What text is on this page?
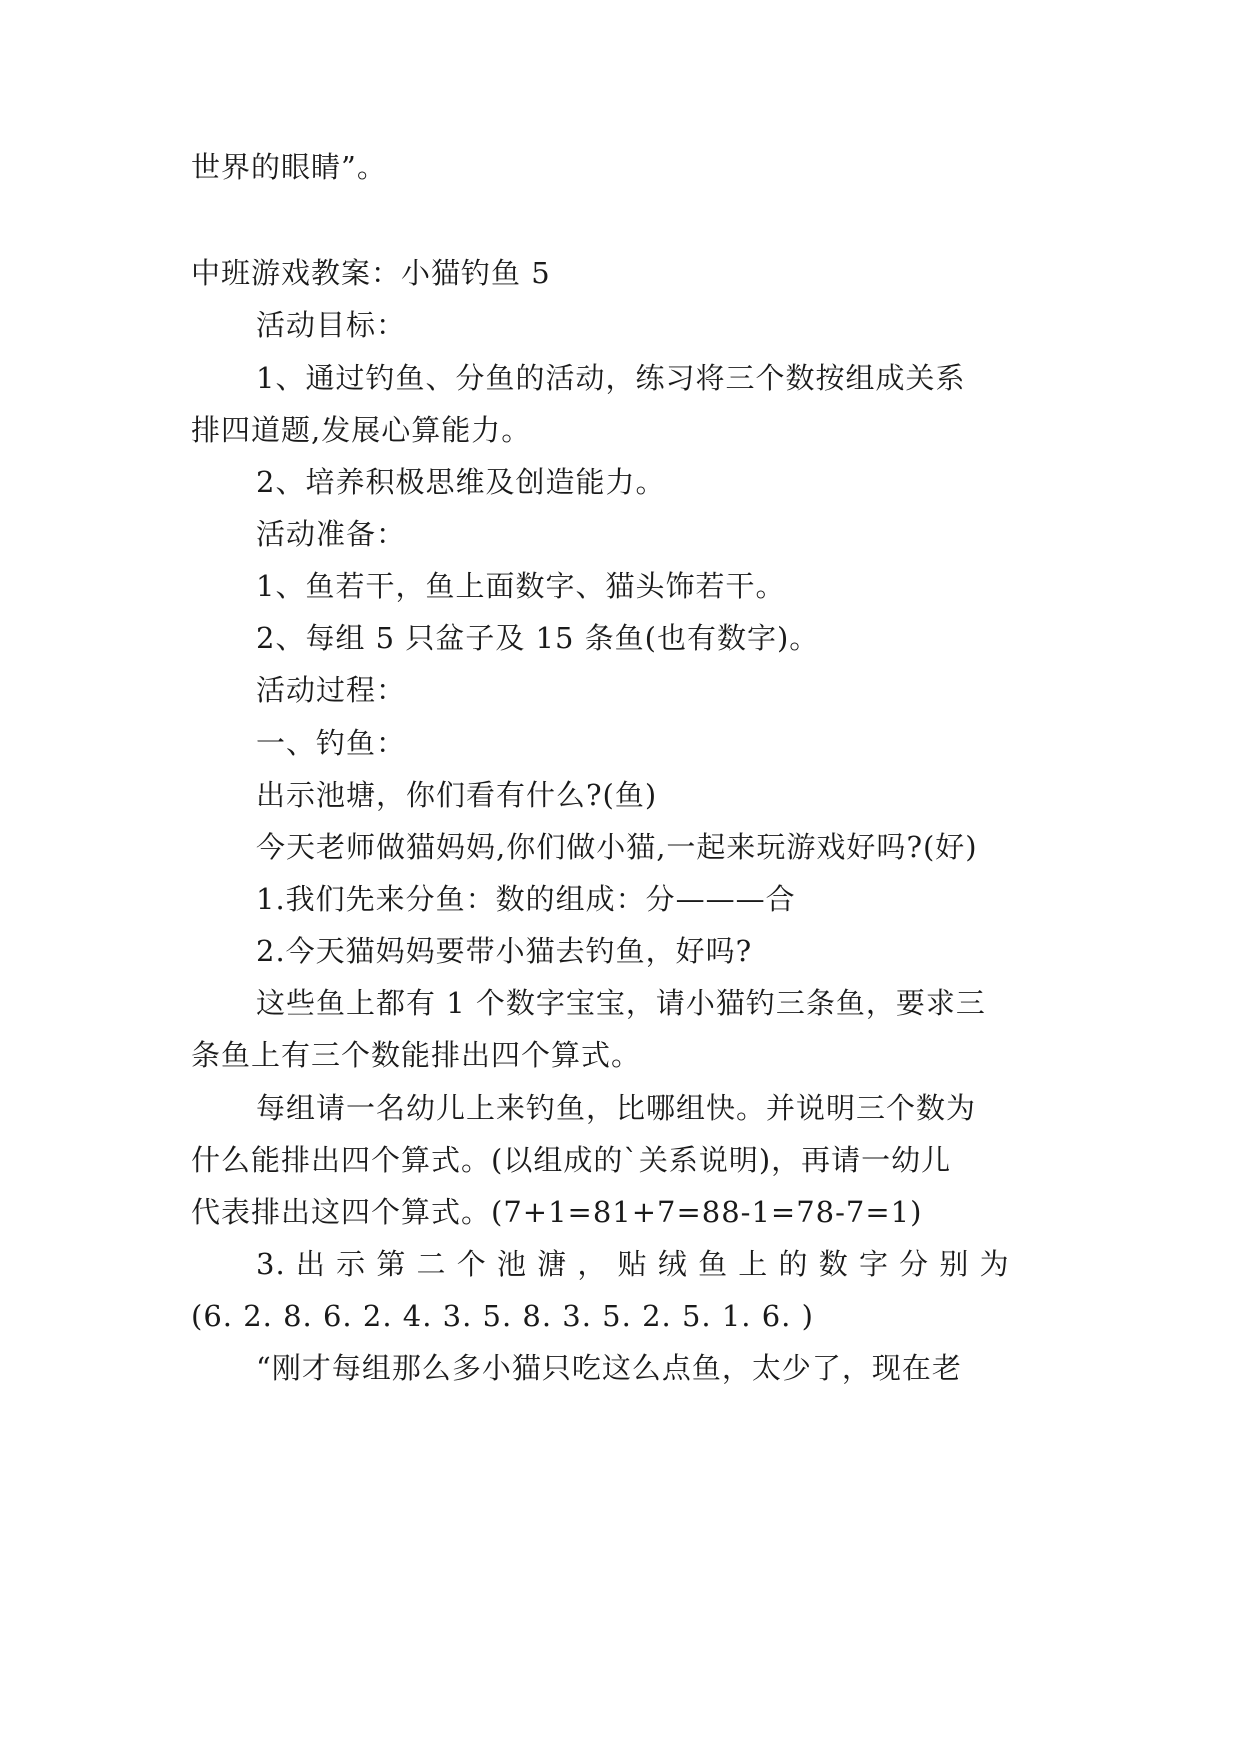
世界的眼睛”。
中班游戏教案：小猫钓鱼 5
活动目标：
1、通过钓鱼、分鱼的活动，练习将三个数按组成关系
排四道题,发展心算能力。
2、培养积极思维及创造能力。
活动准备：
1、鱼若干，鱼上面数字、猫头饰若干。
2、每组 5 只盆子及 15 条鱼(也有数字)。
活动过程：
一、钓鱼：
出示池塘，你们看有什么?(鱼)
今天老师做猫妈妈,你们做小猫,一起来玩游戏好吗?(好)
1.我们先来分鱼：数的组成：分———合
2.今天猫妈妈要带小猫去钓鱼，好吗?
这些鱼上都有 1 个数字宝宝，请小猫钓三条鱼，要求三
条鱼上有三个数能排出四个算式。
每组请一名幼儿上来钓鱼，比哪组快。并说明三个数为
什么能排出四个算式。(以组成的`关系说明)，再请一幼儿
代表排出这四个算式。(7+1=81+7=88-1=78-7=1)
3. 出 示 第 二 个 池 溏 ， 贴 绒 鱼 上 的 数 字 分 别 为
(6. 2. 8. 6. 2. 4. 3. 5. 8. 3. 5. 2. 5. 1. 6. )
“刚才每组那么多小猫只吃这么点鱼，太少了，现在老
